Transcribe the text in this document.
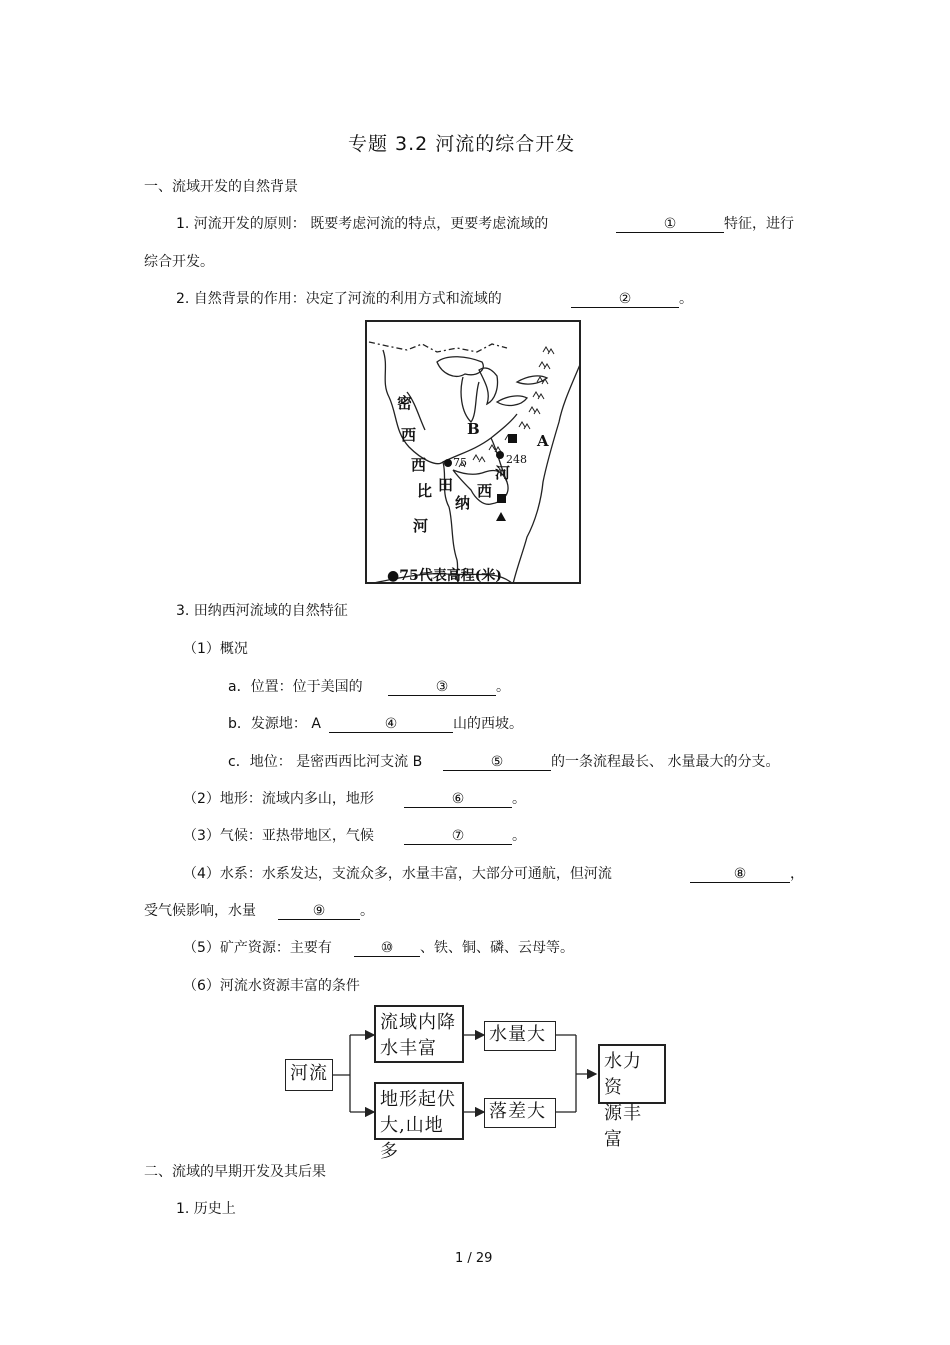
专题 3.2 河流的综合开发
一、流域开发的自然背景
1. 河流开发的原则： 既要考虑河流的特点，更要考虑流域的	①	特征，进行
综合开发。
2. 自然背景的作用：决定了河流的利用方式和流域的	②	。
密
西
西
比
河
田
纳
西
河
B
A
75	248
●75代表高程(米)
3. 田纳西河流域的自然特征
（1）概况
a．位置：位于美国的	③	。
b．发源地： A	④	山的西坡。
c．地位： 是密西西比河支流 B	⑤	的一条流程最长、 水量最大的分支。
（2）地形：流域内多山，地形	⑥	。
（3）气候：亚热带地区，气候	⑦	。
（4）水系：水系发达，支流众多，水量丰富，大部分可通航，但河流	⑧	，
受气候影响，水量	⑨ 。
（5）矿产资源：主要有	⑩ 、铁、铜、磷、云母等。
（6）河流水资源丰富的条件
河流
流域内降
水丰富
水量大
地形起伏
大,山地多
落差大
水力资
源丰富
二、流域的早期开发及其后果
1. 历史上
1 / 29
